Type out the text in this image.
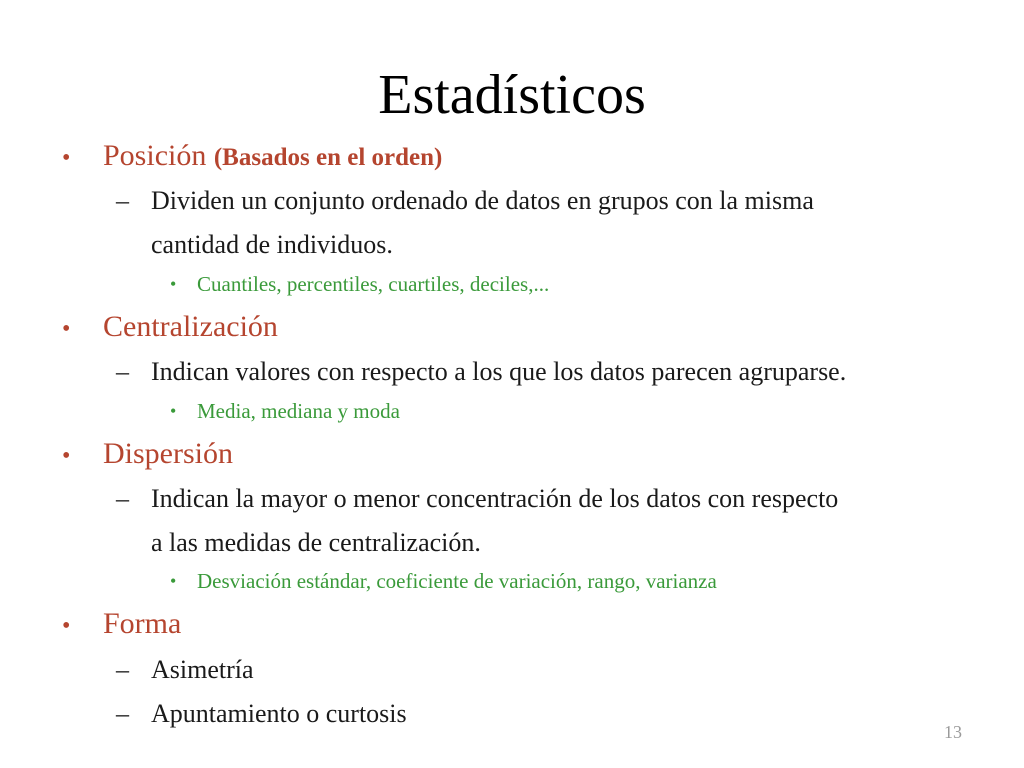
Estadísticos
• Posición (Basados en el orden)
– Dividen un conjunto ordenado de datos en grupos con la misma
cantidad de individuos.
• Cuantiles, percentiles, cuartiles, deciles,...
• Centralización
– Indican valores con respecto a los que los datos parecen agruparse.
• Media, mediana y moda
• Dispersión
– Indican la mayor o menor concentración de los datos con respecto
a las medidas de centralización.
• Desviación estándar, coeficiente de variación, rango, varianza
• Forma
– Asimetría
– Apuntamiento o curtosis
13
